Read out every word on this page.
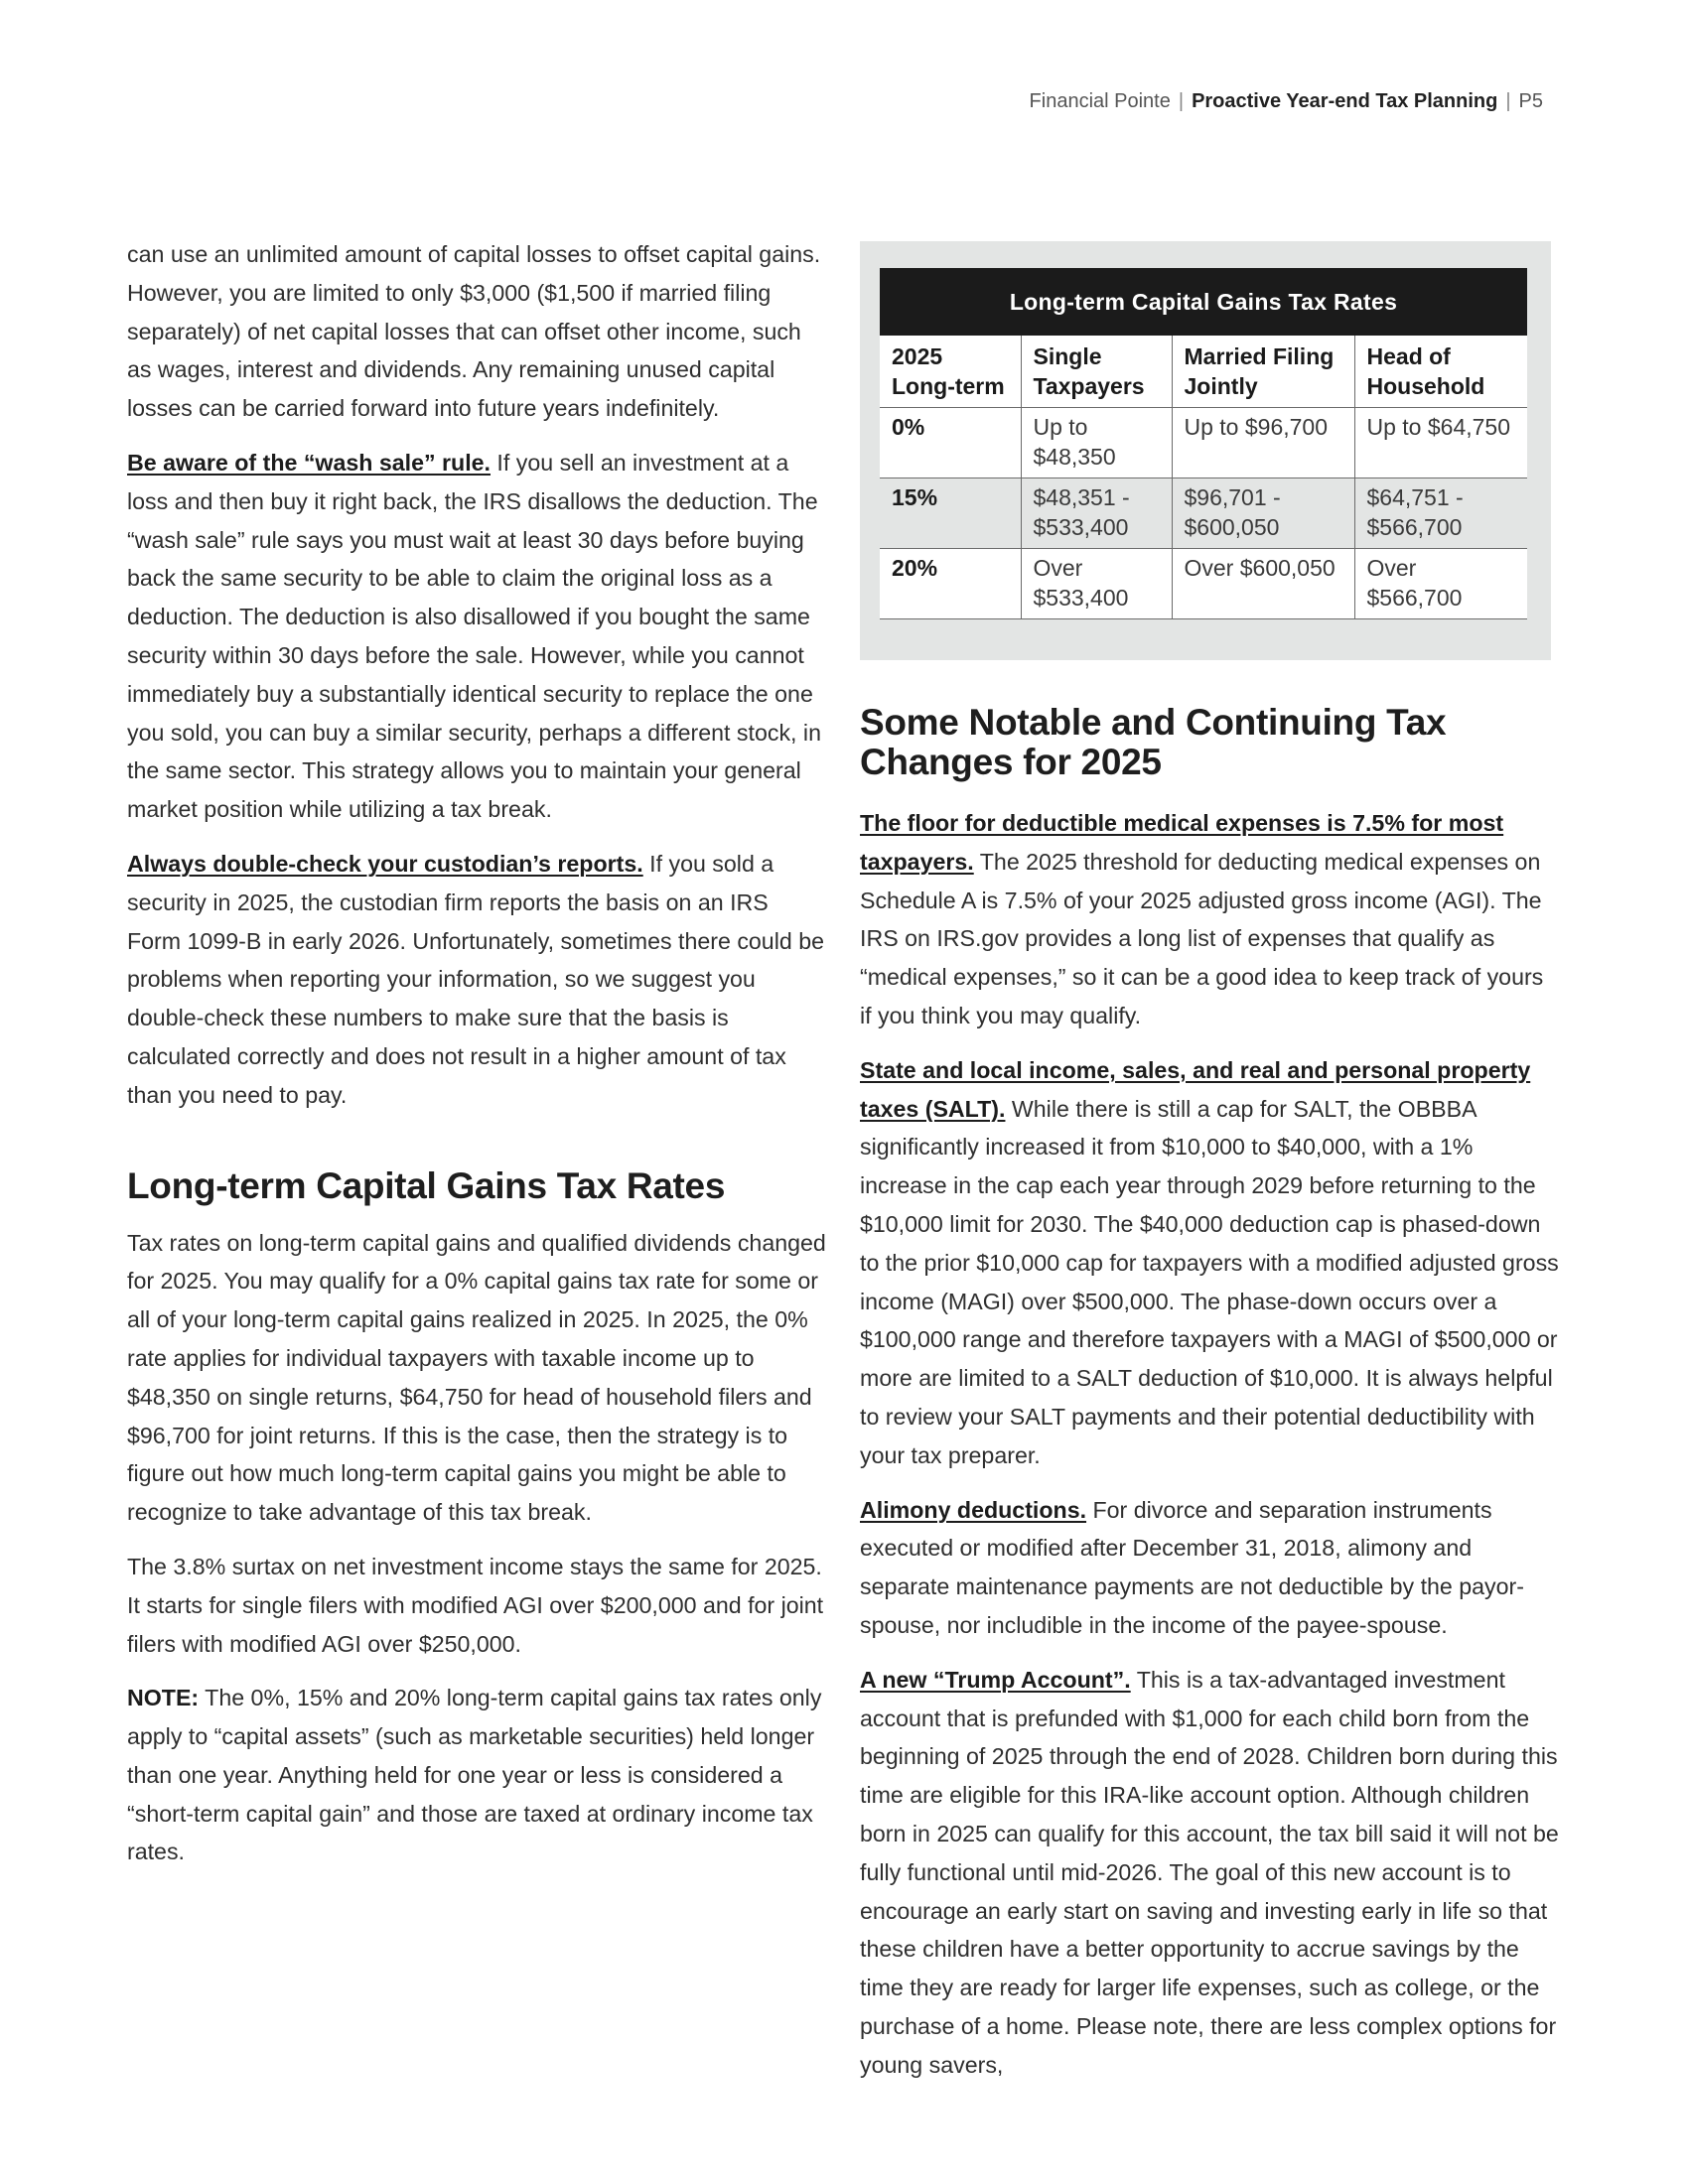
Financial Pointe | Proactive Year-end Tax Planning | P5

can use an unlimited amount of capital losses to offset capital gains. However, you are limited to only $3,000 ($1,500 if married filing separately) of net capital losses that can offset other income, such as wages, interest and dividends. Any remaining unused capital losses can be carried forward into future years indefinitely.

Be aware of the “wash sale” rule. If you sell an investment at a loss and then buy it right back, the IRS disallows the deduction. The “wash sale” rule says you must wait at least 30 days before buying back the same security to be able to claim the original loss as a deduction. The deduction is also disallowed if you bought the same security within 30 days before the sale. However, while you cannot immediately buy a substantially identical security to replace the one you sold, you can buy a similar security, perhaps a different stock, in the same sector. This strategy allows you to maintain your general market position while utilizing a tax break.

Always double-check your custodian’s reports. If you sold a security in 2025, the custodian firm reports the basis on an IRS Form 1099-B in early 2026. Unfortunately, sometimes there could be problems when reporting your information, so we suggest you double-check these numbers to make sure that the basis is calculated correctly and does not result in a higher amount of tax than you need to pay.

Long-term Capital Gains Tax Rates

Tax rates on long-term capital gains and qualified dividends changed for 2025. You may qualify for a 0% capital gains tax rate for some or all of your long-term capital gains realized in 2025. In 2025, the 0% rate applies for individual taxpayers with taxable income up to $48,350 on single returns, $64,750 for head of household filers and $96,700 for joint returns. If this is the case, then the strategy is to figure out how much long-term capital gains you might be able to recognize to take advantage of this tax break.

The 3.8% surtax on net investment income stays the same for 2025. It starts for single filers with modified AGI over $200,000 and for joint filers with modified AGI over $250,000.

NOTE: The 0%, 15% and 20% long-term capital gains tax rates only apply to “capital assets” (such as marketable securities) held longer than one year. Anything held for one year or less is considered a “short-term capital gain” and those are taxed at ordinary income tax rates.

Long-term Capital Gains Tax Rates
2025 Long-term	Single Taxpayers	Married Filing Jointly	Head of Household
0%	Up to $48,350	Up to $96,700	Up to $64,750
15%	$48,351 - $533,400	$96,701 - $600,050	$64,751 - $566,700
20%	Over $533,400	Over $600,050	Over $566,700
Some Notable and Continuing Tax Changes for 2025

The floor for deductible medical expenses is 7.5% for most taxpayers. The 2025 threshold for deducting medical expenses on Schedule A is 7.5% of your 2025 adjusted gross income (AGI). The IRS on IRS.gov provides a long list of expenses that qualify as “medical expenses,” so it can be a good idea to keep track of yours if you think you may qualify.

State and local income, sales, and real and personal property taxes (SALT). While there is still a cap for SALT, the OBBBA significantly increased it from $10,000 to $40,000, with a 1% increase in the cap each year through 2029 before returning to the $10,000 limit for 2030. The $40,000 deduction cap is phased-down to the prior $10,000 cap for taxpayers with a modified adjusted gross income (MAGI) over $500,000. The phase-down occurs over a $100,000 range and therefore taxpayers with a MAGI of $500,000 or more are limited to a SALT deduction of $10,000. It is always helpful to review your SALT payments and their potential deductibility with your tax preparer.

Alimony deductions. For divorce and separation instruments executed or modified after December 31, 2018, alimony and separate maintenance payments are not deductible by the payor-spouse, nor includible in the income of the payee-spouse.

A new “Trump Account”. This is a tax-advantaged investment account that is prefunded with $1,000 for each child born from the beginning of 2025 through the end of 2028. Children born during this time are eligible for this IRA-like account option. Although children born in 2025 can qualify for this account, the tax bill said it will not be fully functional until mid-2026. The goal of this new account is to encourage an early start on saving and investing early in life so that these children have a better opportunity to accrue savings by the time they are ready for larger life expenses, such as college, or the purchase of a home. Please note, there are less complex options for young savers,
